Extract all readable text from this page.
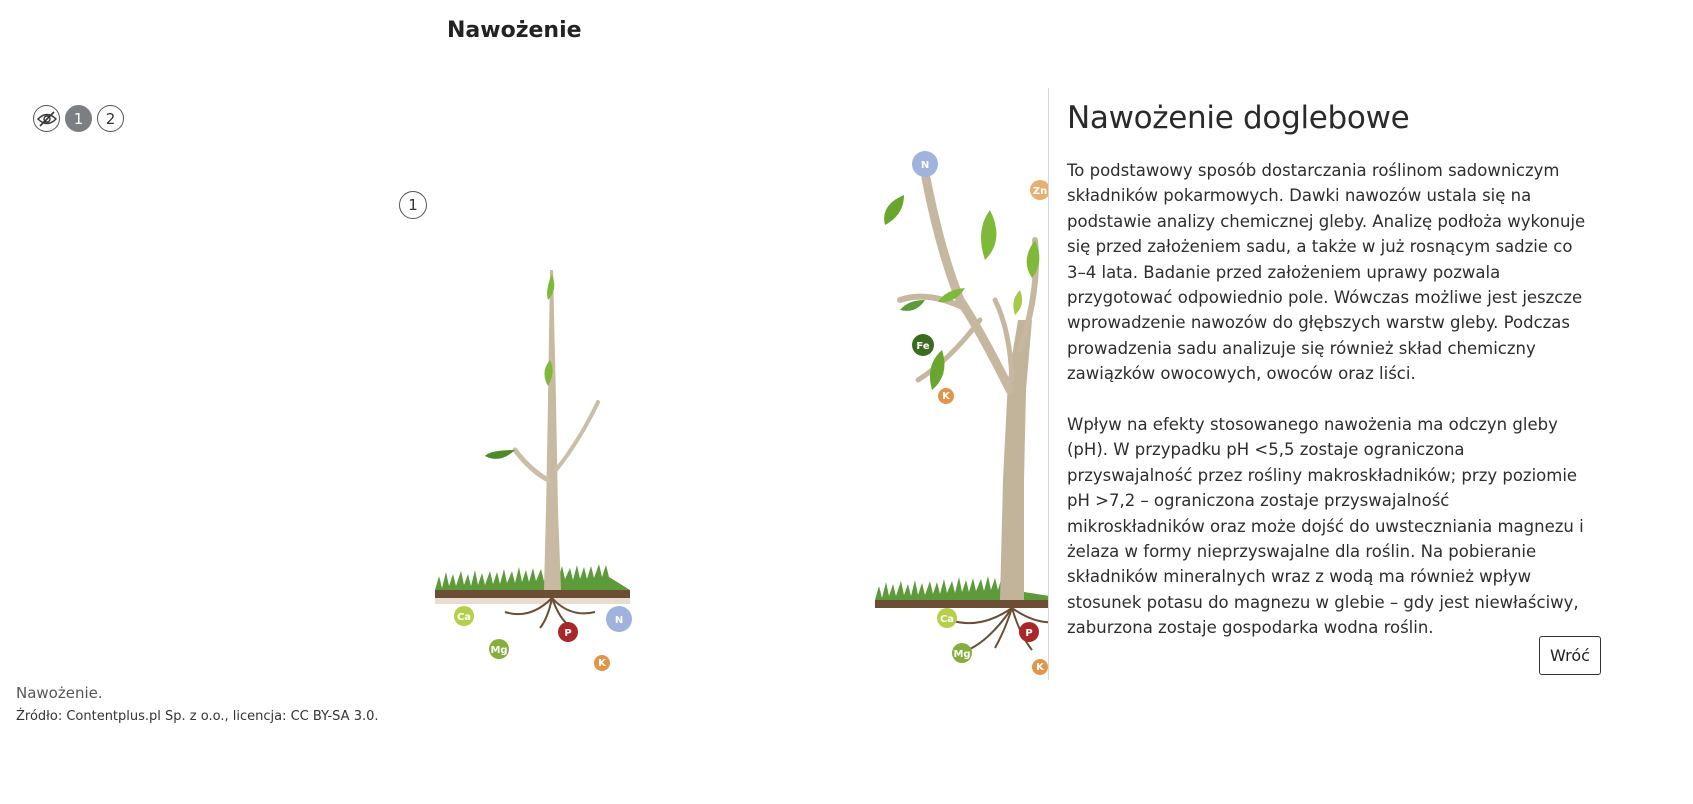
Nawożenie
1	2
Ca
Mg
P
N
K
N
Zn
Fe
K
Ca
Mg
P
K
1
Nawożenie doglebowe

To podstawowy sposób dostarczania roślinom sadowniczym składników pokarmowych. Dawki nawozów ustala się na podstawie analizy chemicznej gleby. Analizę podłoża wykonuje się przed założeniem sadu, a także w już rosnącym sadzie co 3–4 lata. Badanie przed założeniem uprawy pozwala przygotować odpowiednio pole. Wówczas możliwe jest jeszcze wprowadzenie nawozów do głębszych warstw gleby. Podczas prowadzenia sadu analizuje się również skład chemiczny zawiązków owocowych, owoców oraz liści.

Wpływ na efekty stosowanego nawożenia ma odczyn gleby (pH). W przypadku pH <5,5 zostaje ograniczona przyswajalność przez rośliny makroskładników; przy poziomie pH >7,2 – ograniczona zostaje przyswajalność mikroskładników oraz może dojść do uwsteczniania magnezu i żelaza w formy nieprzyswajalne dla roślin. Na pobieranie składników mineralnych wraz z wodą ma również wpływ stosunek potasu do magnezu w glebie – gdy jest niewłaściwy, zaburzona zostaje gospodarka wodna roślin.

Wróć

Nawożenie.

Źródło: Contentplus.pl Sp. z o.o., licencja: CC BY-SA 3.0.
